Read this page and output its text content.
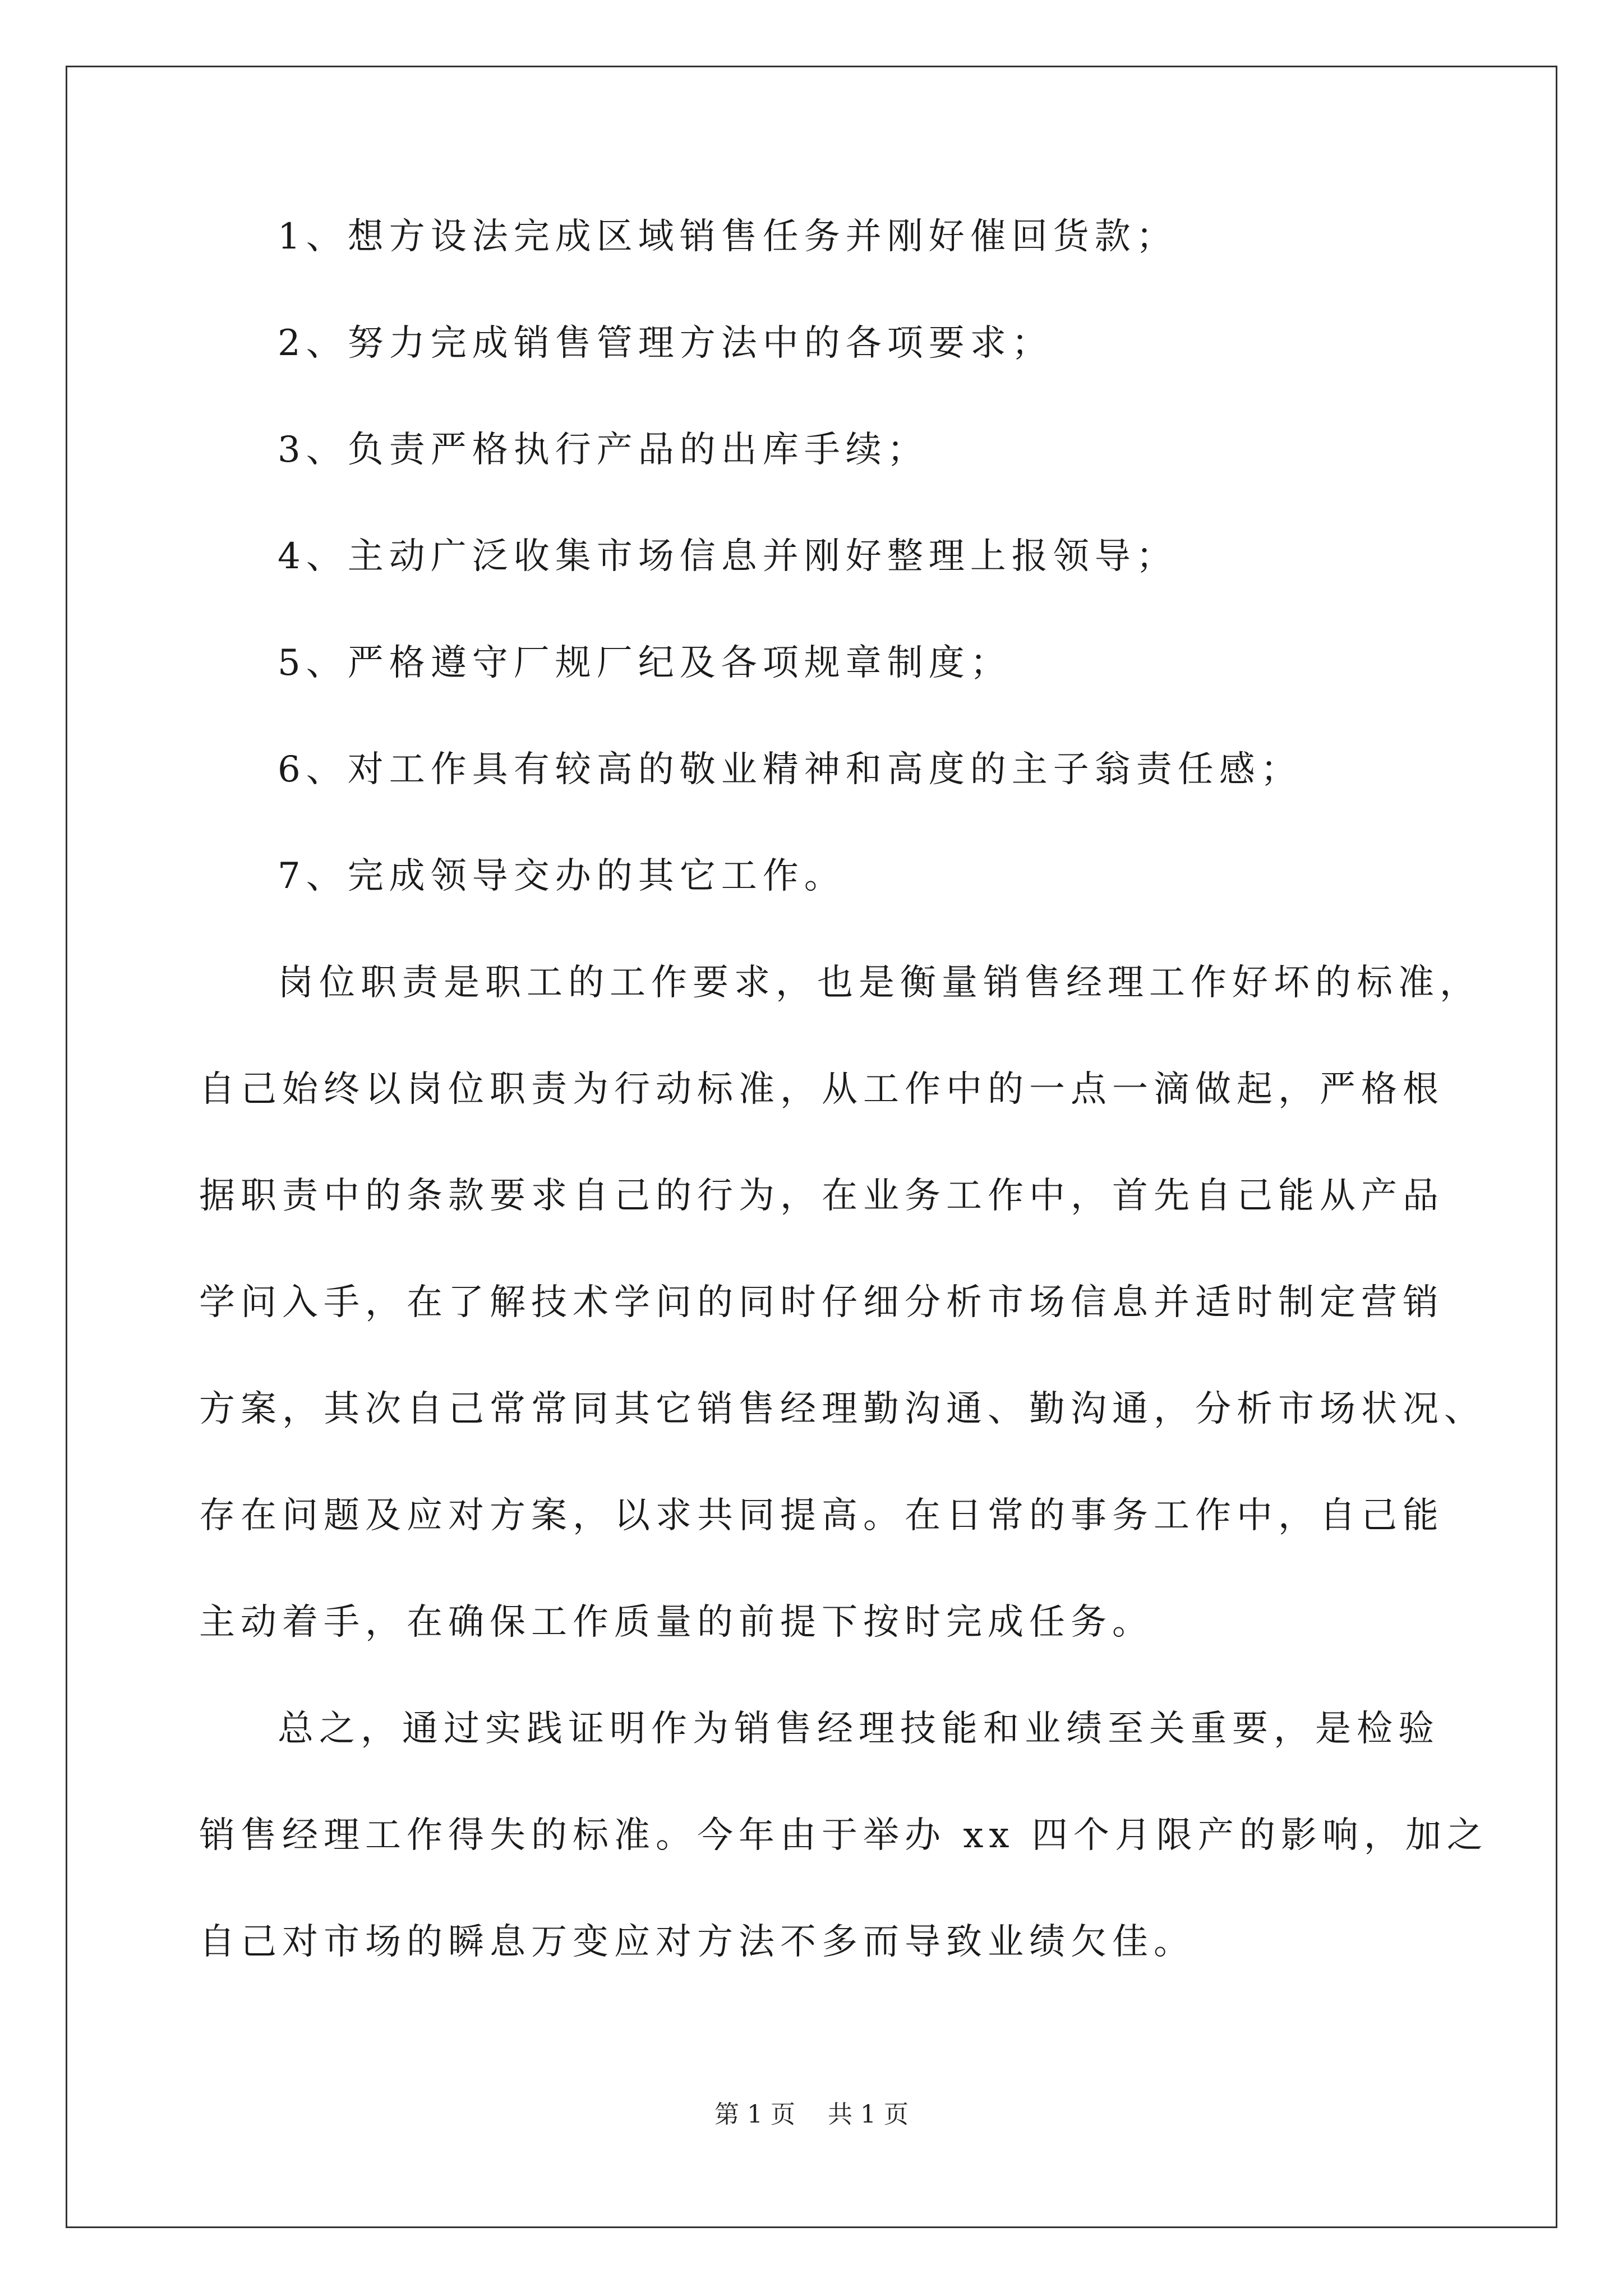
1、想方设法完成区域销售任务并刚好催回货款；
2、努力完成销售管理方法中的各项要求；
3、负责严格执行产品的出库手续；
4、主动广泛收集市场信息并刚好整理上报领导；
5、严格遵守厂规厂纪及各项规章制度；
6、对工作具有较高的敬业精神和高度的主子翁责任感；
7、完成领导交办的其它工作。
岗位职责是职工的工作要求，也是衡量销售经理工作好坏的标准，
自己始终以岗位职责为行动标准，从工作中的一点一滴做起，严格根
据职责中的条款要求自己的行为，在业务工作中，首先自己能从产品
学问入手，在了解技术学问的同时仔细分析市场信息并适时制定营销
方案，其次自己常常同其它销售经理勤沟通、勤沟通，分析市场状况、
存在问题及应对方案，以求共同提高。在日常的事务工作中，自己能
主动着手，在确保工作质量的前提下按时完成任务。
总之，通过实践证明作为销售经理技能和业绩至关重要，是检验
销售经理工作得失的标准。今年由于举办 xx 四个月限产的影响，加之
自己对市场的瞬息万变应对方法不多而导致业绩欠佳。
第 1 页　 共 1 页
